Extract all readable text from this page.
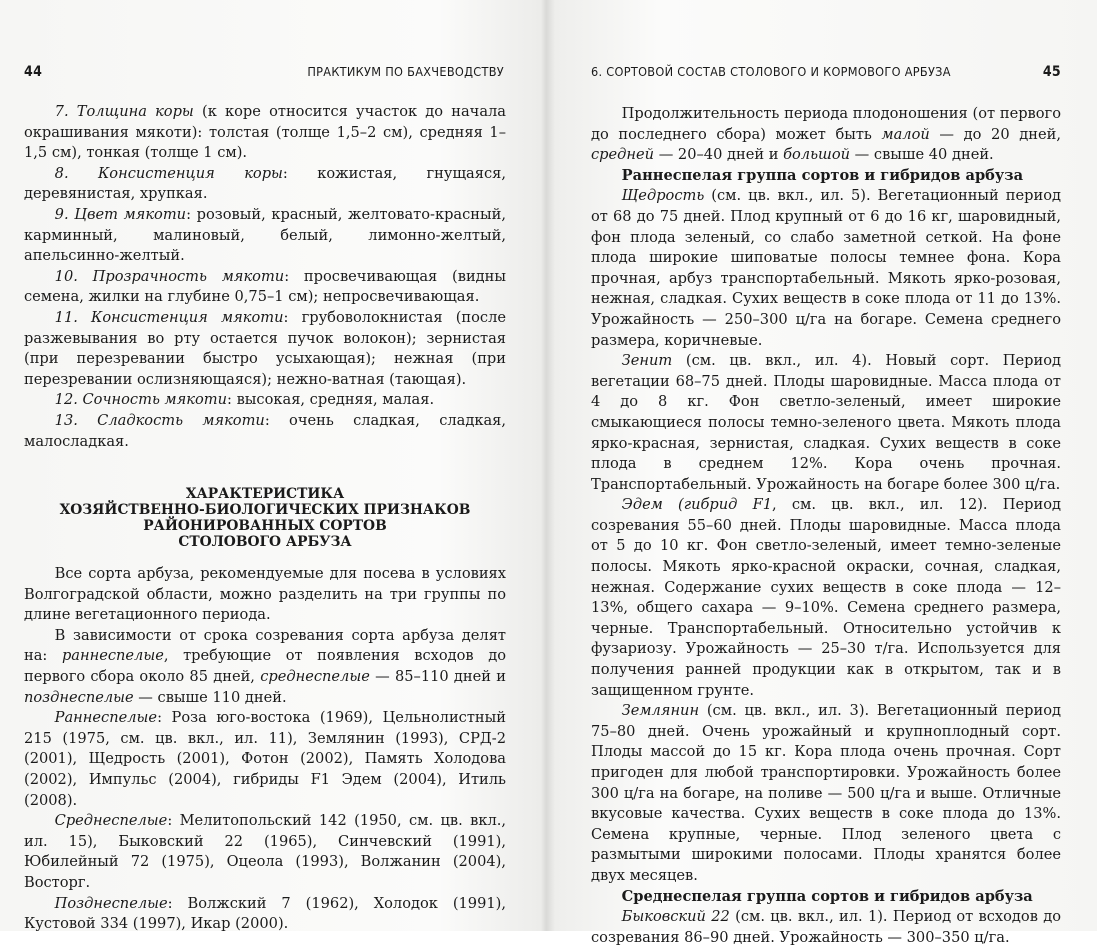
44	ПРАКТИКУМ ПО БАХЧЕВОДСТВУ

7. Толщина коры (к коре относится участок до начала окрашивания мякоти): толстая (толще 1,5–2 см), средняя 1–1,5 см), тонкая (толще 1 см).

8. Консистенция коры: кожистая, гнущаяся, деревянистая, хрупкая.

9. Цвет мякоти: розовый, красный, желтовато-красный, карминный, малиновый, белый, лимонно-желтый, апельсинно-желтый.

10. Прозрачность мякоти: просвечивающая (видны семена, жилки на глубине 0,75–1 см); непросвечивающая.

11. Консистенция мякоти: грубоволокнистая (после разжевывания во рту остается пучок волокон); зернистая (при перезревании быстро усыхающая); нежная (при перезревании ослизняющаяся); нежно-ватная (тающая).

12. Сочность мякоти: высокая, средняя, малая.

13. Сладкость мякоти: очень сладкая, сладкая, малосладкая.

ХАРАКТЕРИСТИКА
ХОЗЯЙСТВЕННО-БИОЛОГИЧЕСКИХ ПРИЗНАКОВ
РАЙОНИРОВАННЫХ СОРТОВ
СТОЛОВОГО АРБУЗА

Все сорта арбуза, рекомендуемые для посева в условиях Волгоградской области, можно разделить на три группы по длине вегетационного периода.

В зависимости от срока созревания сорта арбуза делят на: раннеспелые, требующие от появления всходов до первого сбора около 85 дней, среднеспелые — 85–110 дней и позднеспелые — свыше 110 дней.

Раннеспелые: Роза юго-востока (1969), Цельнолистный 215 (1975, см. цв. вкл., ил. 11), Землянин (1993), СРД-2 (2001), Щедрость (2001), Фотон (2002), Память Холодова (2002), Импульс (2004), гибриды F1 Эдем (2004), Итиль (2008).

Среднеспелые: Мелитопольский 142 (1950, см. цв. вкл., ил. 15), Быковский 22 (1965), Синчевский (1991), Юбилейный 72 (1975), Оцеола (1993), Волжанин (2004), Восторг.

Позднеспелые: Волжский 7 (1962), Холодок (1991), Кустовой 334 (1997), Икар (2000).

6. СОРТОВОЙ СОСТАВ СТОЛОВОГО И КОРМОВОГО АРБУЗА	45

Продолжительность периода плодоношения (от первого до последнего сбора) может быть малой — до 20 дней, средней — 20–40 дней и большой — свыше 40 дней.

Раннеспелая группа сортов и гибридов арбуза

Щедрость (см. цв. вкл., ил. 5). Вегетационный период от 68 до 75 дней. Плод крупный от 6 до 16 кг, шаровидный, фон плода зеленый, со слабо заметной сеткой. На фоне плода широкие шиповатые полосы темнее фона. Кора прочная, арбуз транспортабельный. Мякоть ярко-розовая, нежная, сладкая. Сухих веществ в соке плода от 11 до 13%. Урожайность — 250–300 ц/га на богаре. Семена среднего размера, коричневые.

Зенит (см. цв. вкл., ил. 4). Новый сорт. Период вегетации 68–75 дней. Плоды шаровидные. Масса плода от 4 до 8 кг. Фон светло-зеленый, имеет широкие смыкающиеся полосы темно-зеленого цвета. Мякоть плода ярко-красная, зернистая, сладкая. Сухих веществ в соке плода в среднем 12%. Кора очень прочная. Транспортабельный. Урожайность на богаре более 300 ц/га.

Эдем (гибрид F1, см. цв. вкл., ил. 12). Период созревания 55–60 дней. Плоды шаровидные. Масса плода от 5 до 10 кг. Фон светло-зеленый, имеет темно-зеленые полосы. Мякоть ярко-красной окраски, сочная, сладкая, нежная. Содержание сухих веществ в соке плода — 12–13%, общего сахара — 9–10%. Семена среднего размера, черные. Транспортабельный. Относительно устойчив к фузариозу. Урожайность — 25–30 т/га. Используется для получения ранней продукции как в открытом, так и в защищенном грунте.

Землянин (см. цв. вкл., ил. 3). Вегетационный период 75–80 дней. Очень урожайный и крупноплодный сорт. Плоды массой до 15 кг. Кора плода очень прочная. Сорт пригоден для любой транспортировки. Урожайность более 300 ц/га на богаре, на поливе — 500 ц/га и выше. Отличные вкусовые качества. Сухих веществ в соке плода до 13%. Семена крупные, черные. Плод зеленого цвета с размытыми широкими полосами. Плоды хранятся более двух месяцев.

Среднеспелая группа сортов и гибридов арбуза

Быковский 22 (см. цв. вкл., ил. 1). Период от всходов до созревания 86–90 дней. Урожайность — 300–350 ц/га.
